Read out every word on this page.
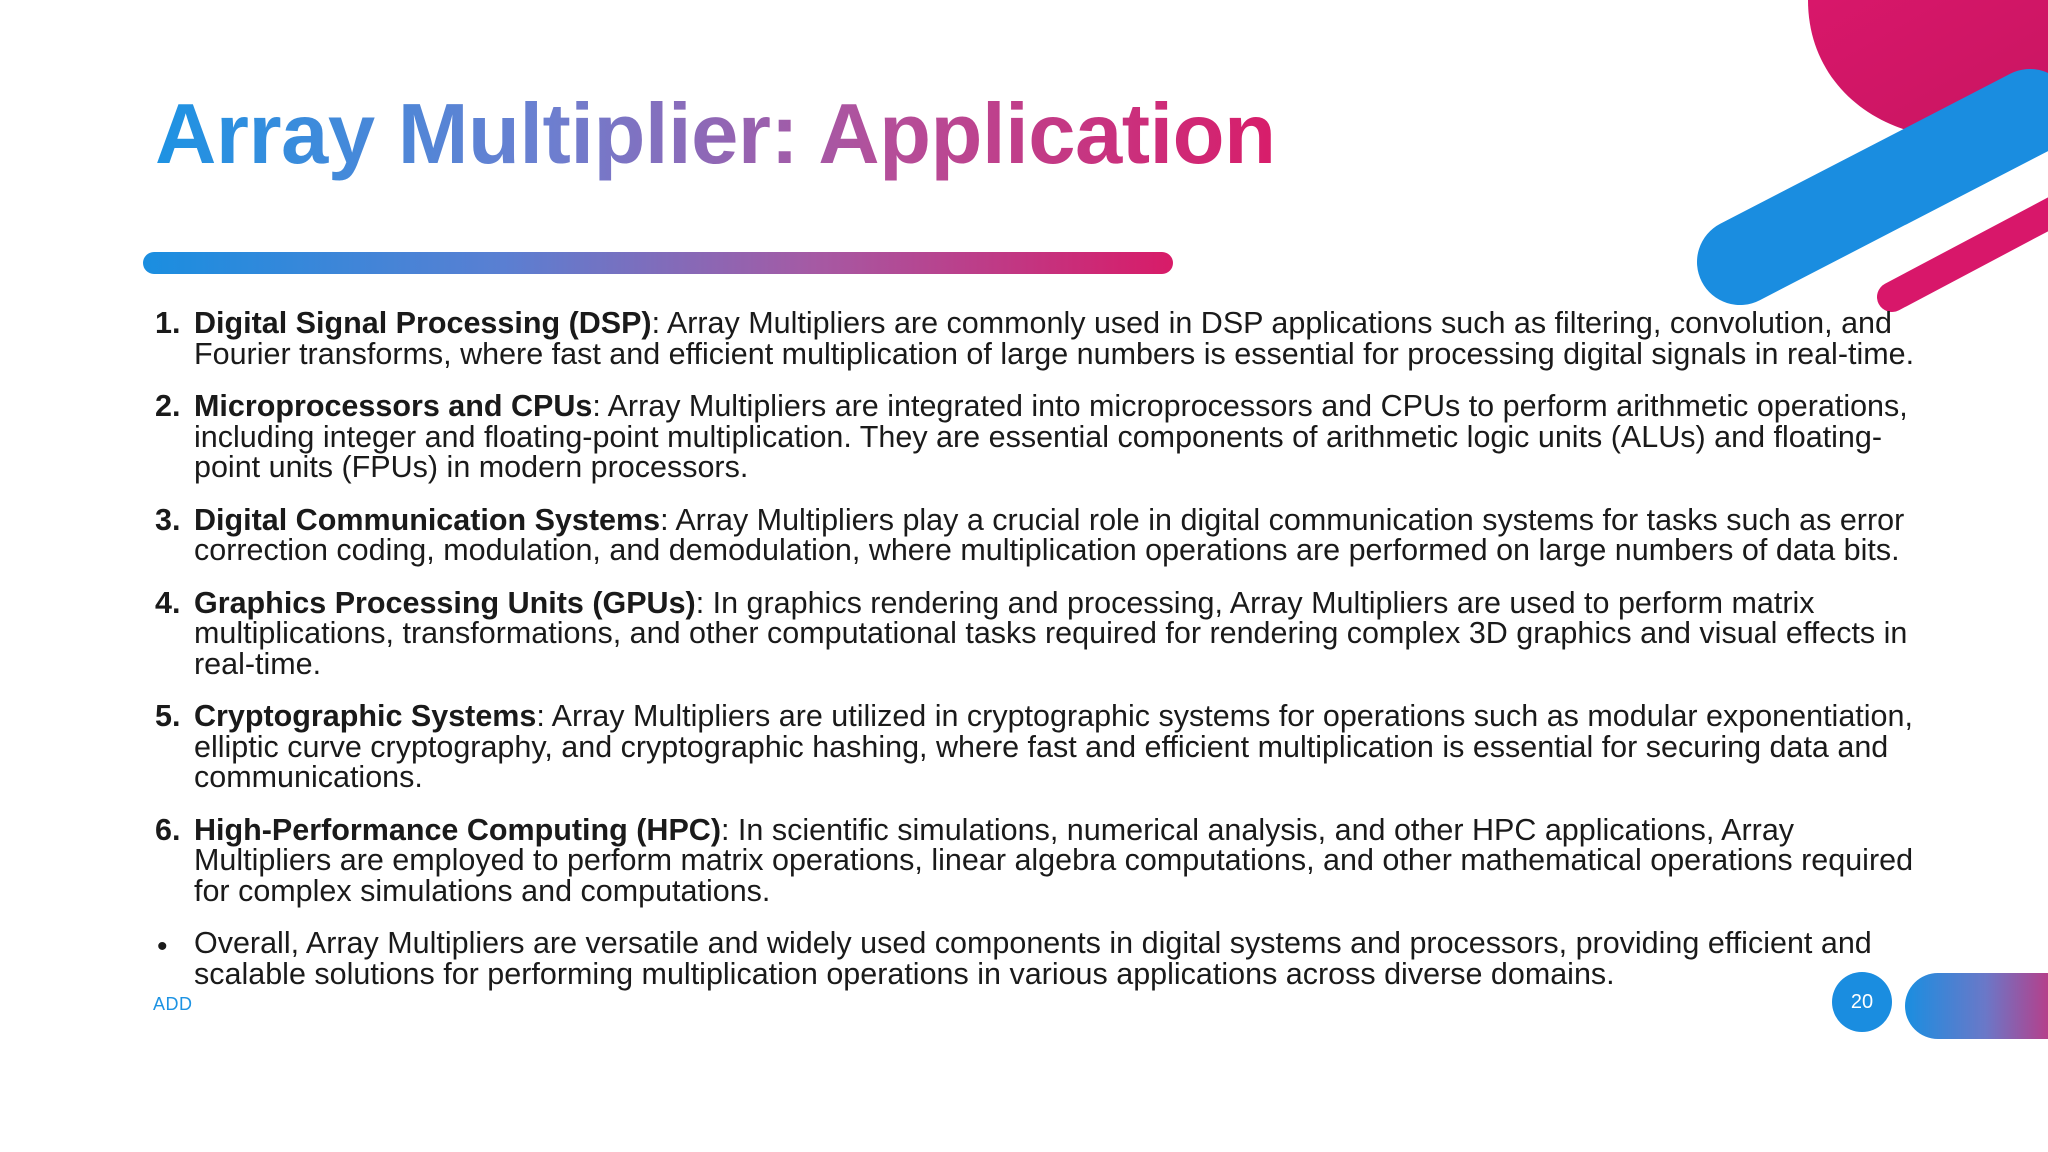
Array Multiplier: Application
1. Digital Signal Processing (DSP): Array Multipliers are commonly used in DSP applications such as filtering, convolution, and Fourier transforms, where fast and efficient multiplication of large numbers is essential for processing digital signals in real-time.
2. Microprocessors and CPUs: Array Multipliers are integrated into microprocessors and CPUs to perform arithmetic operations, including integer and floating-point multiplication. They are essential components of arithmetic logic units (ALUs) and floating-point units (FPUs) in modern processors.
3. Digital Communication Systems: Array Multipliers play a crucial role in digital communication systems for tasks such as error correction coding, modulation, and demodulation, where multiplication operations are performed on large numbers of data bits.
4. Graphics Processing Units (GPUs): In graphics rendering and processing, Array Multipliers are used to perform matrix multiplications, transformations, and other computational tasks required for rendering complex 3D graphics and visual effects in real-time.
5. Cryptographic Systems: Array Multipliers are utilized in cryptographic systems for operations such as modular exponentiation, elliptic curve cryptography, and cryptographic hashing, where fast and efficient multiplication is essential for securing data and communications.
6. High-Performance Computing (HPC): In scientific simulations, numerical analysis, and other HPC applications, Array Multipliers are employed to perform matrix operations, linear algebra computations, and other mathematical operations required for complex simulations and computations.
• Overall, Array Multipliers are versatile and widely used components in digital systems and processors, providing efficient and scalable solutions for performing multiplication operations in various applications across diverse domains.
ADD	20
